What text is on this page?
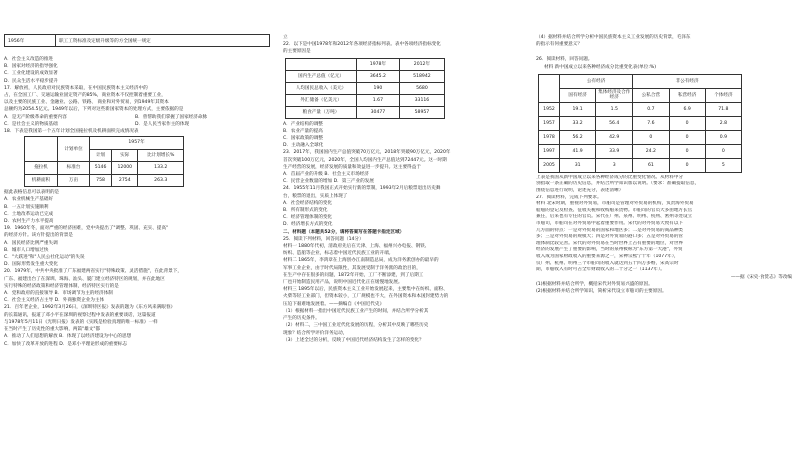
1956年	职工工资标准及定级升级等的方全国统一规定
A．社会主义改造的推进
B．国家对经济的指导强化
C．工业化建设的成效显著
D．民众生活水平稳步提升
17．解放初，人民政府对民族资本采取，在中国民族资本主义经济中的
占，在全国工厂、交通运输业固定资产的85%，商业资本不仅控制着重要工业，
以及主要的民族工业、金融业、公路、铁路、 商业和对外贸易，到1949年其资本
总额约为2054.5亿元。1949年以后，下列对这些新国家资本的处理方式，主要依据的是
A．是无产阶级革命的重要内容	B．曾帮助我们掌握了国家经济命脉
C．是社会主义的物质基础	D．是人民当家作主的体现
18．下表是我国第一个五年计划全国拖拉机及机耕面积完成情况表
	计划单位	1957年		
		计划	实际	比计划增长%
拖拉机	标准台	5146	12000	133.2
机耕面积	万亩	758	2754	263.3
据此表格信息可以表明的是
A．农业机械生产基础好
B．一五计划实施顺利
C．土地改革运动已完成
D．农村生产力水平提高
19．1960年冬，面对严重的经济困难，党中央提出了"调整、巩固、充实、提高"
的经济方针。该方针提出的背景是
A．国民经济比例严重失调
B．城市人口增加过快
C．"大跃进"和"人民公社化运动"的失误
D．国际形势发生重大变化
20．1979年，中共中央批准了广东福建两省实行"特殊政策、灵活措施"，在此背景下，
广东、福建出台了在深圳、珠海、汕头、厦门建立经济特区的规划，并在此地区
实行特殊的经济政策和经济管理体制，经济特区实行的是
A．党和政府的直接领导 B．市场调节为主的经济体制
C．社会主义经济占主导 D．外商独资企业为主体
21．百年老企业，1992年3月26日，《深圳特区报》发表的题为《东方风来满眼春》
的长篇通讯，报道了邓小平在深圳的视察过程中发表的重要谈话，这篇报道
与1978年5月11日《光明日报》发表的《实践是检验真理的唯一标准》一样
在当时产生了历史性的重大影响，两篇"雄文"都
A．推动了人们思想的解放 B．体现了以经济建设为中心的思想
C．加快了改革开放的进程 D．是邓小平理论形成的重要标志
立
22．以下是中国1978年和2012年各项经济指标列表。表中各项经济指标变化
的主要原因是
	1978年	2012年
国内生产总值（亿元）	3645.2	518942
人均国民总收入（美元）	190	5680
外汇储备（亿美元）	1.67	33116
粮食产量（万吨）	30477	58957
A．产业结构的调整
B．农业产量的提高
C．国家政策的调整
D．主动融入全球化
23．2017年，我国国内生产总值突破70万亿元，2018年突破90万亿元，2020年
首次突破100万亿元，2020年，全国人均国内生产总值达到72447元。这一时期
生产经营的发展，经济发展的质量和效益进一步提升。这主要得益于
A．首届产业的升级 B．社会主义市场经济
C．民营企业数量的增加 D．第三产业的发展
24．1955年11月我国正式开始实行新的票制，1993年2月后粮票退出历史舞
台，粮票的退出，实质上体现了
A．社会经济结构的变化
B．所有制形式的变化
C．经济管理体制的变化
D．经济增长方式的变化
二、材料题（本题共52分，请将答案写在答题卡指定区域）
25．阅读下列材料，回答问题（14分）
材料一 1880年代初，清政府先后在天津、上海、福州兴办电报、钢铁、
纺织、造船等企业，标志着中国近代民族工业的开端。
材料二 1865年，李鸿章在上海创办江南制造总局，成为洋务派创办的最早的
军事工业企业，由于时代局限性，其发展受制于洋务派的政治目的，
在生产中存在很多的问题，1872年开始，工厂不断添建，到了后期工
厂也开始制造民用产品，说明中国近代化正在缓慢地发展。
材料三 1895年以后，民族资本主义工业开始发展起来，主要集中在纺织、面粉、
火柴等轻工业部门，但资本较小，工厂规模也不大，在外国资本和本国封建势力的
压迫下艰难地发展着。——摘编自《中国近代史》
（1）根据材料一指出中国近代民族工业产生的时间，并结合所学分析其
产生的历史条件。
（2）材料二，三中国工业近代化发展的历程，分析其中反映了哪些历史
现象？结合所学评价洋务运动，
（3）上述全过的分析，反映了中国近代经济结构发生了怎样的变化？
（4）据材料并结合所学分析中国民族资本主义工业发展的历史背景，毛泽东
的指示有何重要意义？
26．阅读材料，回答问题。
材料 新中国成立以来各种经济成分比重变化表(单位:%)
	公有经济		非公有经济		
	国有经济	集体经济及合作经济	公私合营	私营经济	个体经济
1952	19.1	1.5	0.7	6.9	71.8
1957	33.2	56.4	7.6	0	2.8
1978	56.2	42.9	0	0	0.9
1997	41.9	33.9	24.2	0	0
2005	31	3	61	0	5
上表是我国从新中国成立以来各种经济成分的比重变化情况。从材料中分
别指取一条正确的历史信息，并结合所学知识加以说明。（要求：准确提取信息，
围绕信息进行说明，论述充分，表述清晰）
27．阅读材料，完成下列要求。
材料 北宋时期，重视对外贸易，市舶司是管理对外贸易的机构，负责海外贸易
船舶的登记及检查、征收关税和收购舶来货物。市舶司的官员大多由地方长官
兼任，后来也有专任的官员。宋代在广州、泉州、明州、杭州、密州等处设立
市舶司，市舶司在对外贸易中起着重要作用。宋代的对外贸易大致有以下
几方面的特点：一是对外贸易的国家和地区多；二是对外贸易的商品种类
多；三是对外贸易的规模大；四是对外贸易的港口多；五是对外贸易的管
理体制比较完善。宋代的对外贸易在当时世界上占有重要的地位，对世界
经济的发展产生了重要的影响，当时的泉州被称为"东方第一大港"，外贸
收入成为国家财政收入的重要来源之一，宋神宗熙宁十年（1077年），
仅广州、杭州、明州三个市舶司的收入就达到五十四万多缗，宋高宗时
期，市舶收入有时可占全年财政收入的二十分之一（1137年）。
——据《宋史·食货志》等改编
(1)根据材料并结合所学，概括宋代对外贸易兴盛的原因。
(2)根据材料并结合所学知识，简析宋代设立市舶司的主要原因。
